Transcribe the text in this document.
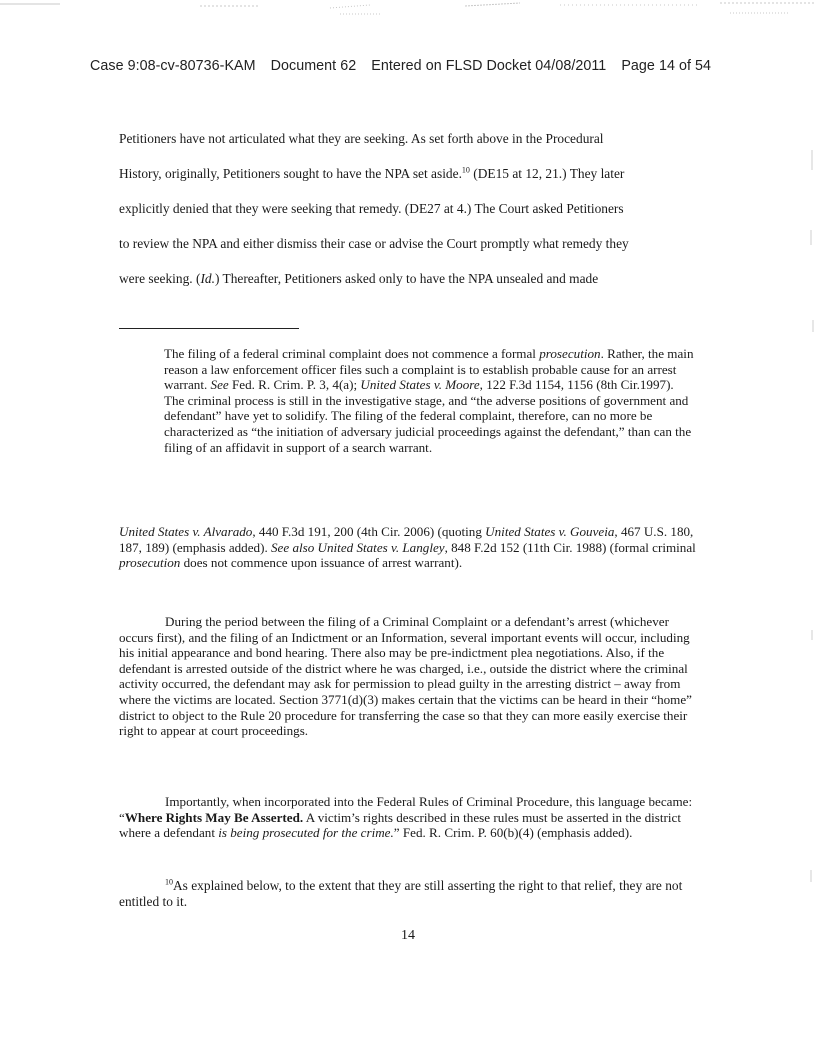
Case 9:08-cv-80736-KAM Document 62 Entered on FLSD Docket 04/08/2011 Page 14 of 54
Petitioners have not articulated what they are seeking. As set forth above in the Procedural
History, originally, Petitioners sought to have the NPA set aside.$^{10}$ (DE15 at 12, 21.) They later
explicitly denied that they were seeking that remedy. (DE27 at 4.) The Court asked Petitioners
to review the NPA and either dismiss their case or advise the Court promptly what remedy they
were seeking. (Id.) Thereafter, Petitioners asked only to have the NPA unsealed and made

The filing of a federal criminal complaint does not commence a formal prosecution. Rather, the main reason a law enforcement officer files such a complaint is to establish probable cause for an arrest warrant. See Fed. R. Crim. P. 3, 4(a); United States v. Moore, 122 F.3d 1154, 1156 (8th Cir.1997). The criminal process is still in the investigative stage, and “the adverse positions of government and defendant” have yet to solidify. The filing of the federal complaint, therefore, can no more be characterized as “the initiation of adversary judicial proceedings against the defendant,” than can the filing of an affidavit in support of a search warrant.

United States v. Alvarado, 440 F.3d 191, 200 (4th Cir. 2006) (quoting United States v. Gouveia, 467 U.S. 180, 187, 189) (emphasis added). See also United States v. Langley, 848 F.2d 152 (11th Cir. 1988) (formal criminal prosecution does not commence upon issuance of arrest warrant).

During the period between the filing of a Criminal Complaint or a defendant’s arrest (whichever occurs first), and the filing of an Indictment or an Information, several important events will occur, including his initial appearance and bond hearing. There also may be pre-indictment plea negotiations. Also, if the defendant is arrested outside of the district where he was charged, i.e., outside the district where the criminal activity occurred, the defendant may ask for permission to plead guilty in the arresting district – away from where the victims are located. Section 3771(d)(3) makes certain that the victims can be heard in their “home” district to object to the Rule 20 procedure for transferring the case so that they can more easily exercise their right to appear at court proceedings.

Importantly, when incorporated into the Federal Rules of Criminal Procedure, this language became: “Where Rights May Be Asserted. A victim’s rights described in these rules must be asserted in the district where a defendant is being prosecuted for the crime.” Fed. R. Crim. P. 60(b)(4) (emphasis added).

$^{10}$As explained below, to the extent that they are still asserting the right to that relief, they are not entitled to it.

14
